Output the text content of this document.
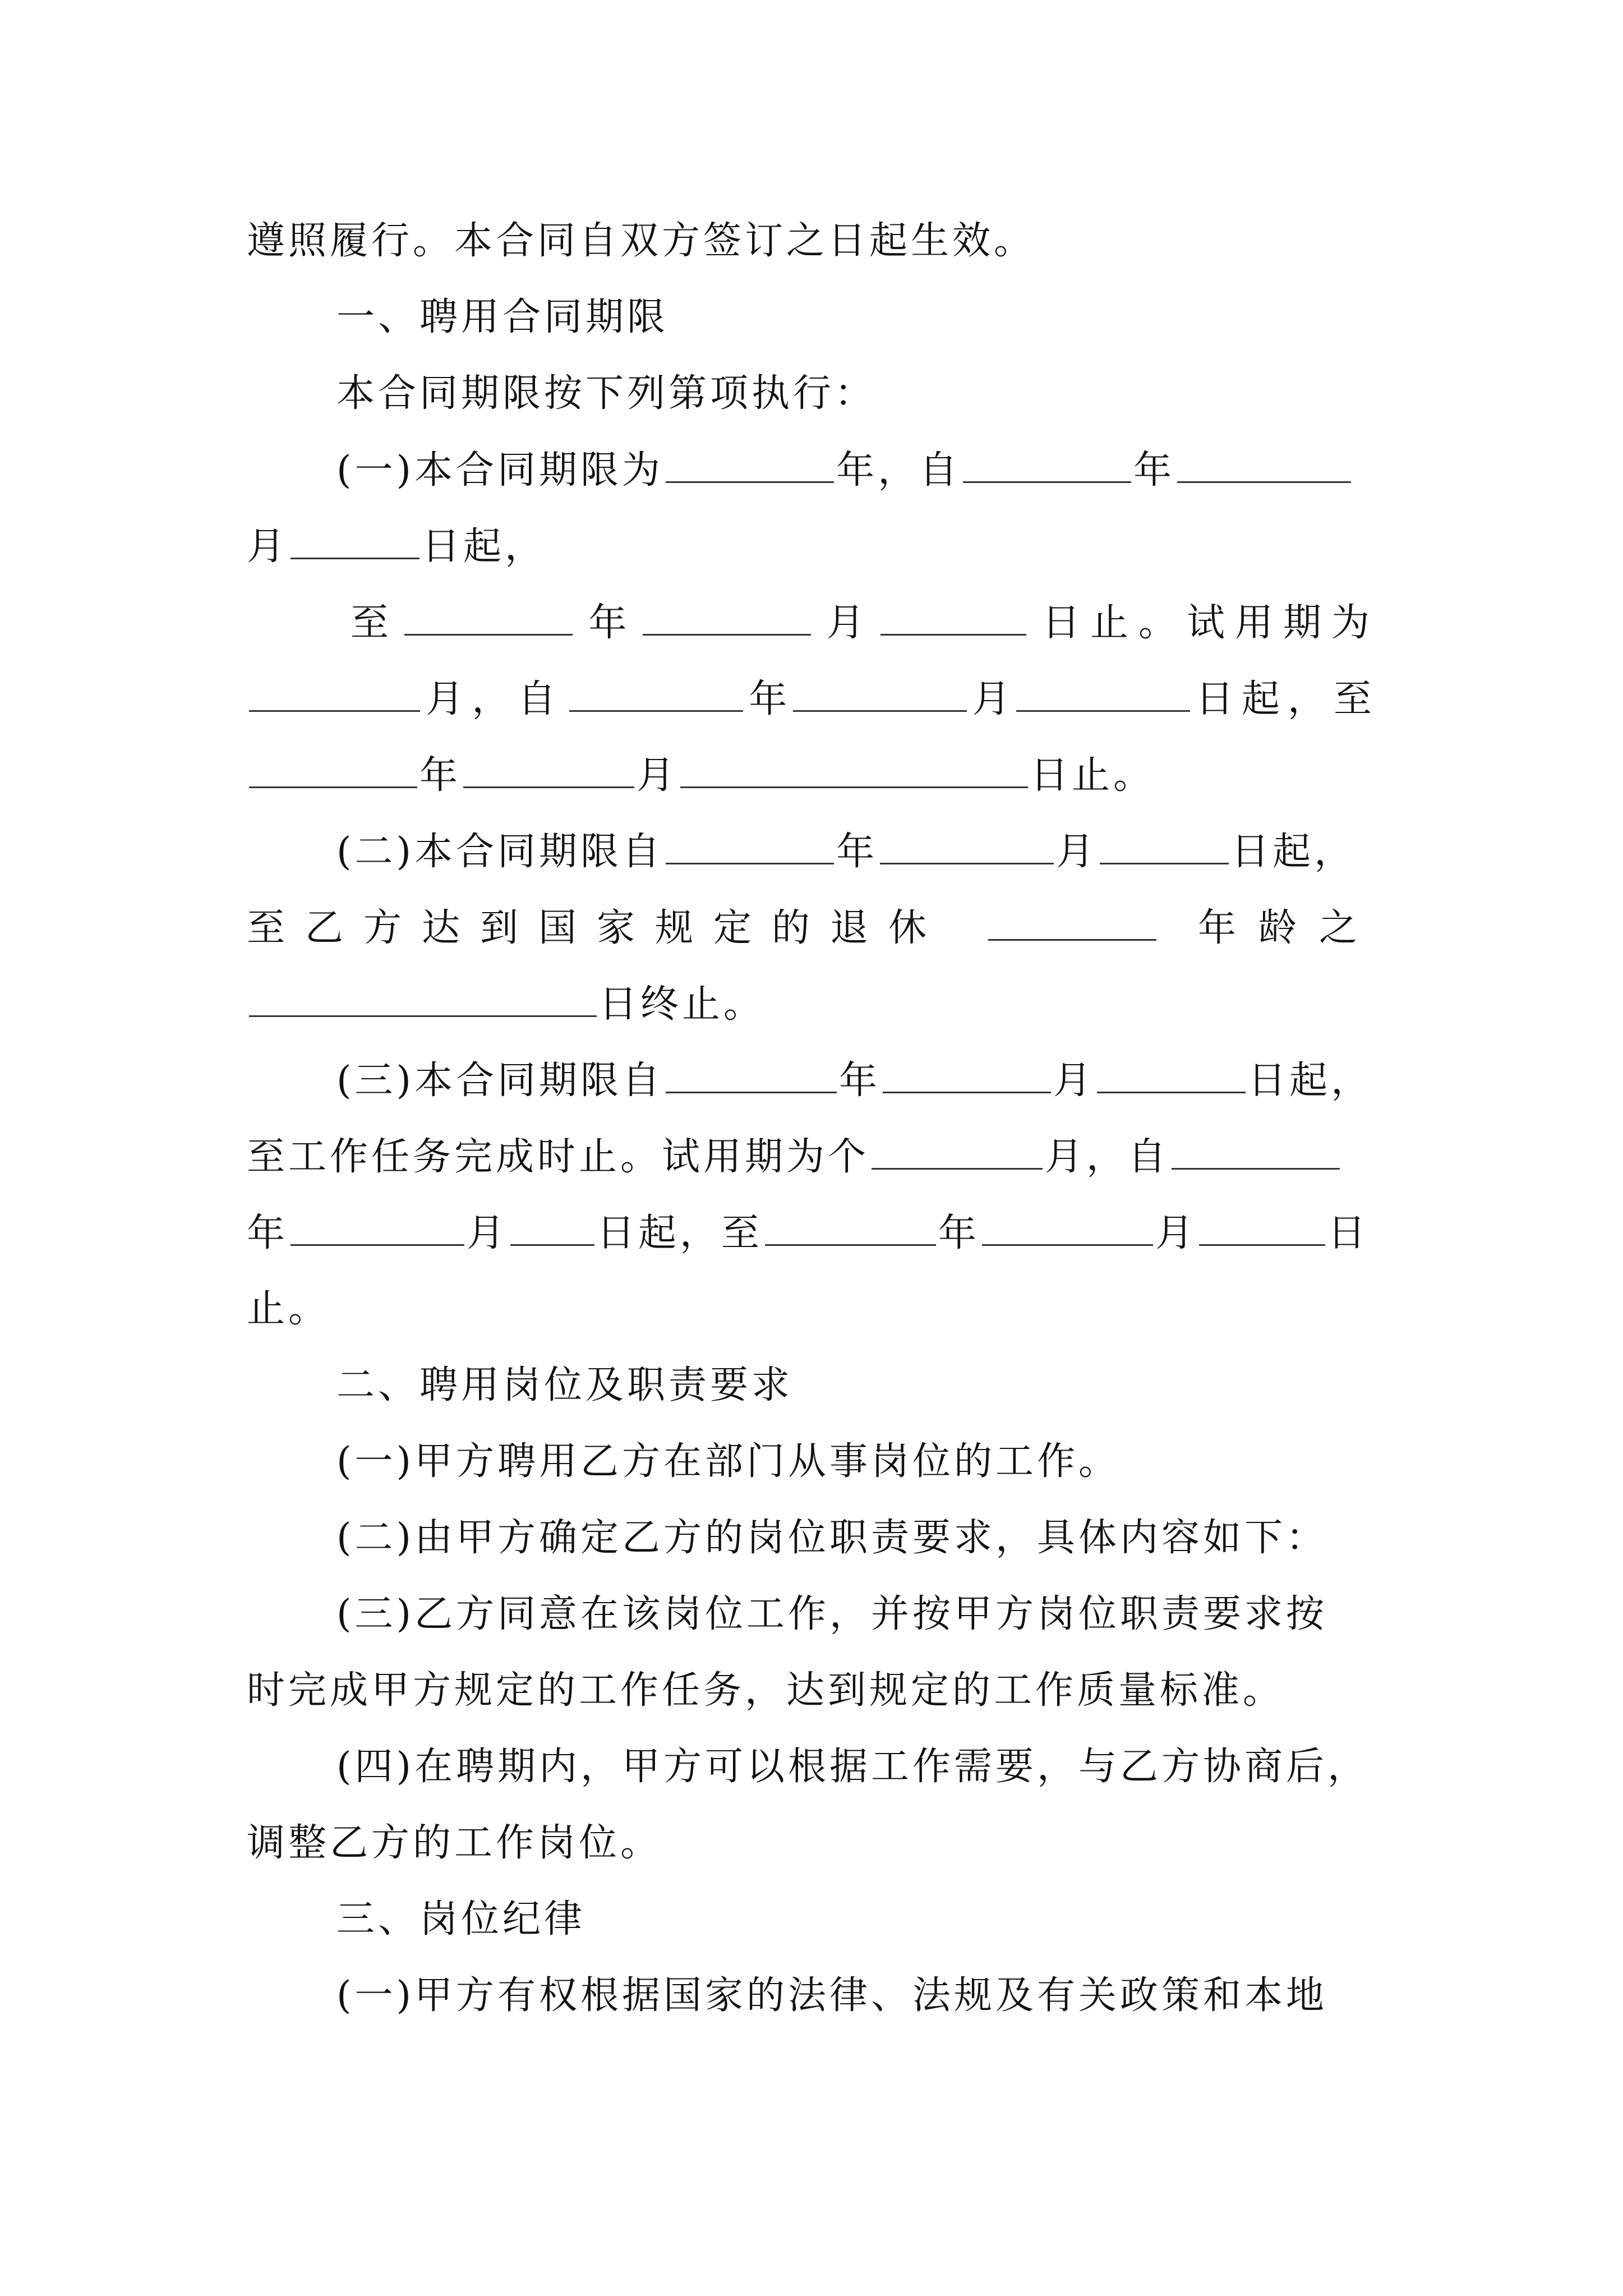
遵照履行。本合同自双方签订之日起生效。
一、聘用合同期限
本合同期限按下列第项执行：
(一)本合同期限为	年，自	年
月	日起，
至	年	月	日止。试用期为
月，自	年	月	日起，至
年	月	日止。
(二)本合同期限自	年	月	日起，
至乙方达到国家规定的退休	年龄之
日终止。
(三)本合同期限自	年	月	日起，
至工作任务完成时止。试用期为个	月，自
年	月 日起，至	年	月	日
止。
二、聘用岗位及职责要求
(一)甲方聘用乙方在部门从事岗位的工作。
(二)由甲方确定乙方的岗位职责要求，具体内容如下：
(三)乙方同意在该岗位工作，并按甲方岗位职责要求按
时完成甲方规定的工作任务，达到规定的工作质量标准。
(四)在聘期内，甲方可以根据工作需要，与乙方协商后，
调整乙方的工作岗位。
三、岗位纪律
(一)甲方有权根据国家的法律、法规及有关政策和本地
